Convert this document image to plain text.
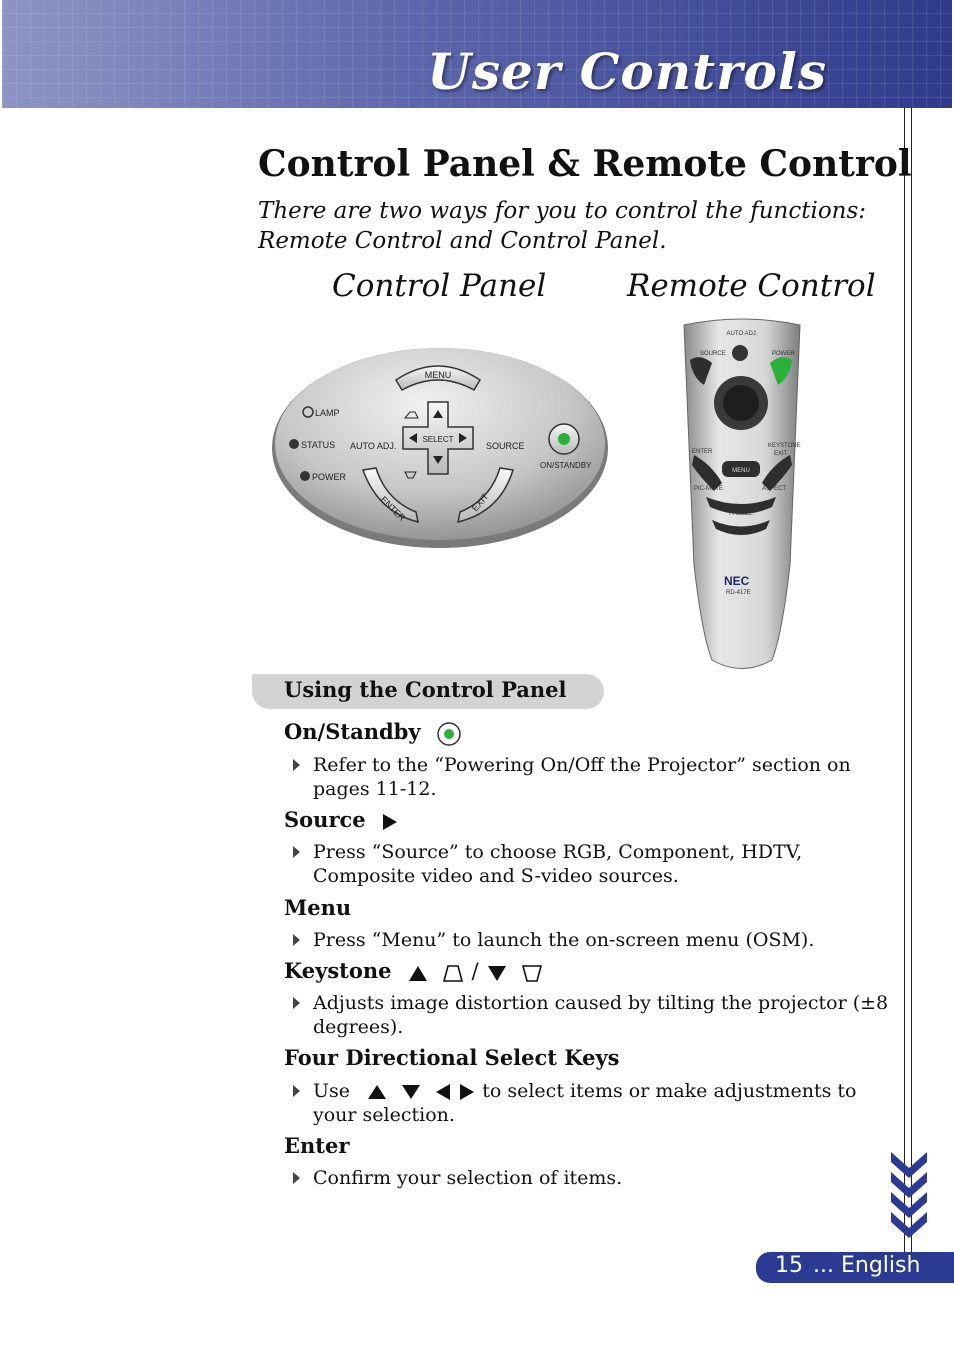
User Controls
Control Panel & Remote Control

There are two ways for you to control the functions: Remote Control and Control Panel.

Control Panel	Remote Control
MENU
SELECT
LAMP
STATUS
POWER
AUTO ADJ.	SOURCE
ON/STANDBY
ENTER	EXIT
AUTO ADJ.
SOURCE	POWER
ENTER
KEYSTONE
EXIT
MENU
PIC-MUTE	ASPECT
FREEZE
NEC
RD-417E
Using the Control Panel
On/Standby
Refer to the “Powering On/Off the Projector” section on pages 11-12.
Source
Press “Source” to choose RGB, Component, HDTV, Composite video and S-video sources.
Menu
Press “Menu” to launch the on-screen menu (OSM).
Keystone	/
Adjusts image distortion caused by tilting the projector (±8 degrees).
Four Directional Select Keys
Use	to select items or make adjustments to your selection.
Enter
Confirm your selection of items.
15 ... English
